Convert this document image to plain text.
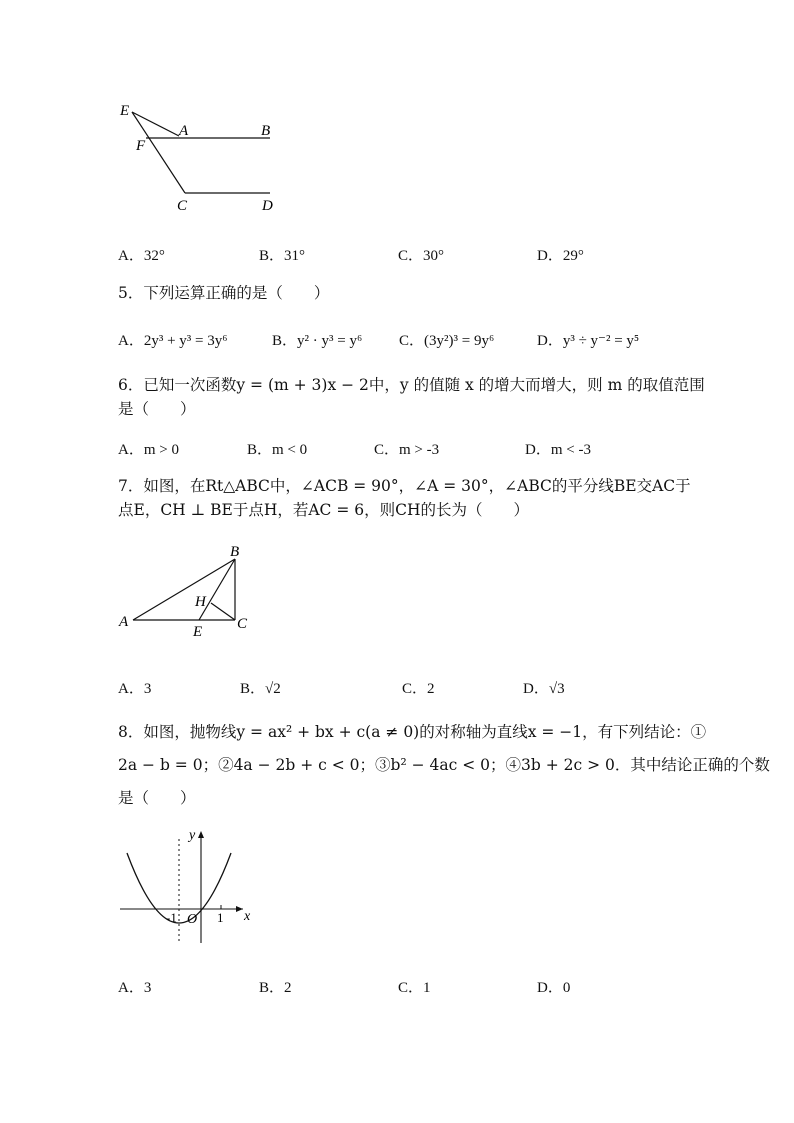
E
A	B
F
C	D
A．32°	B．31°	C．30°	D．29°
5．下列运算正确的是（　　）
A．2y³ + y³ = 3y⁶	B．y² · y³ = y⁶ C．(3y²)³ = 9y⁶	D．y³ ÷ y⁻² = y⁵
6．已知一次函数y = (m + 3)x − 2中，y 的值随 x 的增大而增大，则 m 的取值范围
是（　　）
A．m > 0	B．m < 0	C．m > -3	D．m < -3
7．如图，在Rt△ABC中，∠ACB = 90°，∠A = 30°，∠ABC的平分线BE交AC于
点E，CH ⊥ BE于点H，若AC = 6，则CH的长为（　　）
A
B
H
E C
A．3	B．√2	C．2	D．√3
8．如图，抛物线y = ax² + bx + c(a ≠ 0)的对称轴为直线x = −1，有下列结论：①
2a − b = 0；②4a − 2b + c < 0；③b² − 4ac < 0；④3b + 2c > 0．其中结论正确的个数
是（　　）
y
x
O
-1	1
A．3	B．2	C．1	D．0
